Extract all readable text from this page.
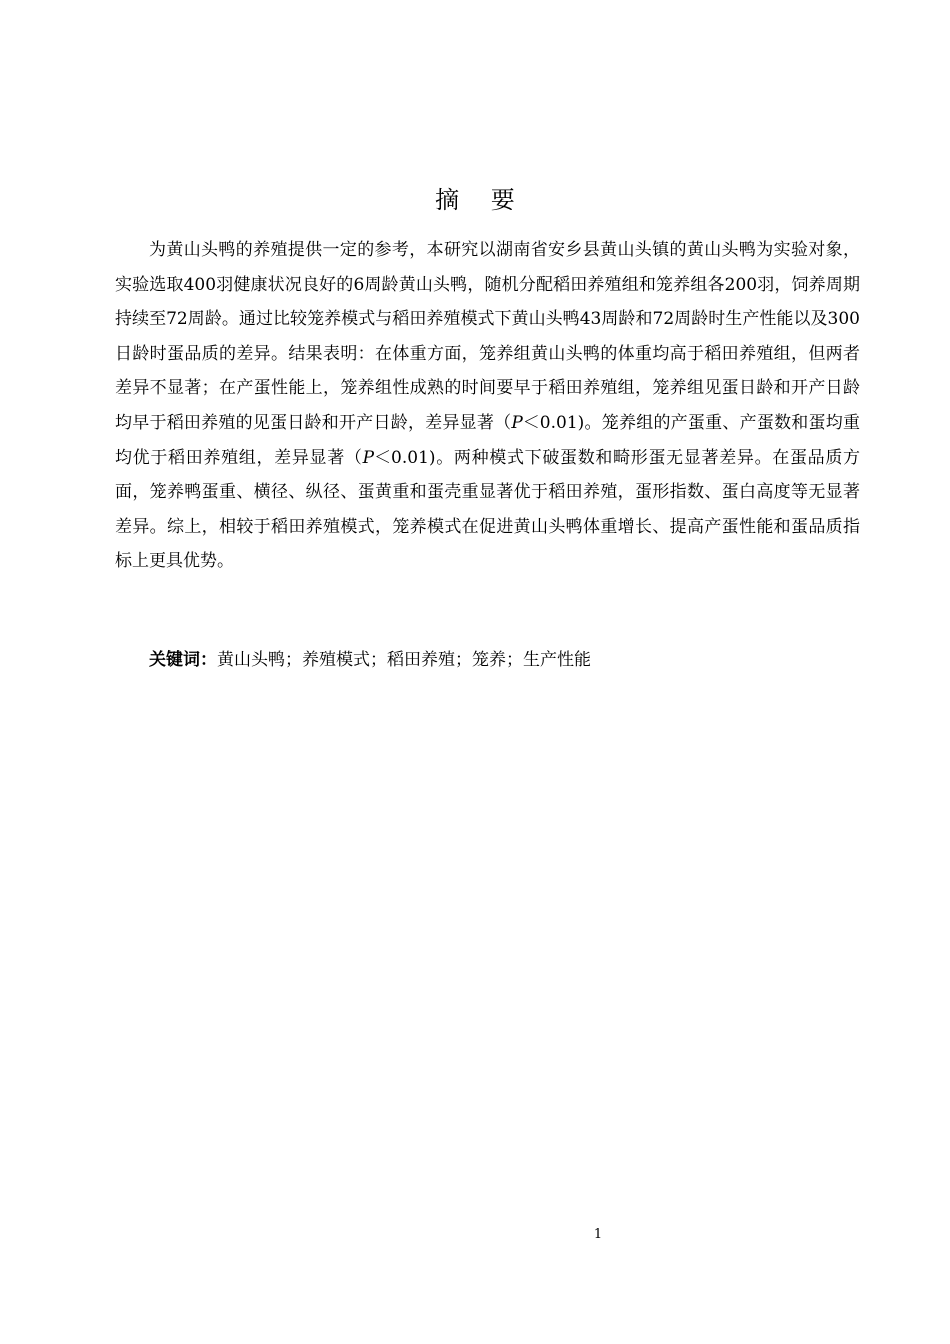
摘 要
为黄山头鸭的养殖提供一定的参考，本研究以湖南省安乡县黄山头镇的黄山头鸭为实验对象，实验选取400羽健康状况良好的6周龄黄山头鸭，随机分配稻田养殖组和笼养组各200羽，饲养周期持续至72周龄。通过比较笼养模式与稻田养殖模式下黄山头鸭43周龄和72周龄时生产性能以及300日龄时蛋品质的差异。结果表明：在体重方面，笼养组黄山头鸭的体重均高于稻田养殖组，但两者差异不显著；在产蛋性能上，笼养组性成熟的时间要早于稻田养殖组，笼养组见蛋日龄和开产日龄均早于稻田养殖的见蛋日龄和开产日龄，差异显著（P＜0.01)。笼养组的产蛋重、产蛋数和蛋均重均优于稻田养殖组，差异显著（P＜0.01)。两种模式下破蛋数和畸形蛋无显著差异。在蛋品质方面，笼养鸭蛋重、横径、纵径、蛋黄重和蛋壳重显著优于稻田养殖，蛋形指数、蛋白高度等无显著差异。综上，相较于稻田养殖模式，笼养模式在促进黄山头鸭体重增长、提高产蛋性能和蛋品质指标上更具优势。
关键词：黄山头鸭；养殖模式；稻田养殖；笼养；生产性能
1
